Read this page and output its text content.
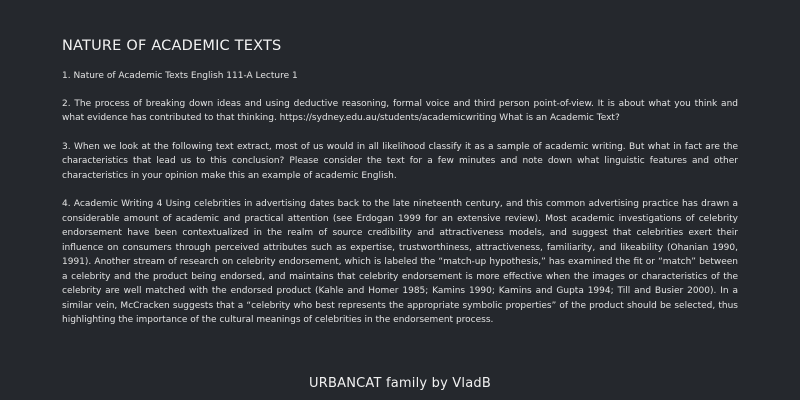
NATURE OF ACADEMIC TEXTS

1. Nature of Academic Texts English 111-A Lecture 1

2. The process of breaking down ideas and using deductive reasoning, formal voice and third person point-of-view. It is about what you think and what evidence has contributed to that thinking. https://sydney.edu.au/students/academicwriting What is an Academic Text?

3. When we look at the following text extract, most of us would in all likelihood classify it as a sample of academic writing. But what in fact are the characteristics that lead us to this conclusion? Please consider the text for a few minutes and note down what linguistic features and other characteristics in your opinion make this an example of academic English.

4. Academic Writing 4 Using celebrities in advertising dates back to the late nineteenth century, and this common advertising practice has drawn a considerable amount of academic and practical attention (see Erdogan 1999 for an extensive review). Most academic investigations of celebrity endorsement have been contextualized in the realm of source credibility and attractiveness models, and suggest that celebrities exert their influence on consumers through perceived attributes such as expertise, trustworthiness, attractiveness, familiarity, and likeability (Ohanian 1990, 1991). Another stream of research on celebrity endorsement, which is labeled the “match-up hypothesis,” has examined the fit or “match” between a celebrity and the product being endorsed, and maintains that celebrity endorsement is more effective when the images or characteristics of the celebrity are well matched with the endorsed product (Kahle and Homer 1985; Kamins 1990; Kamins and Gupta 1994; Till and Busier 2000). In a similar vein, McCracken suggests that a “celebrity who best represents the appropriate symbolic properties” of the product should be selected, thus highlighting the importance of the cultural meanings of celebrities in the endorsement process.

URBANCAT family by VladB
